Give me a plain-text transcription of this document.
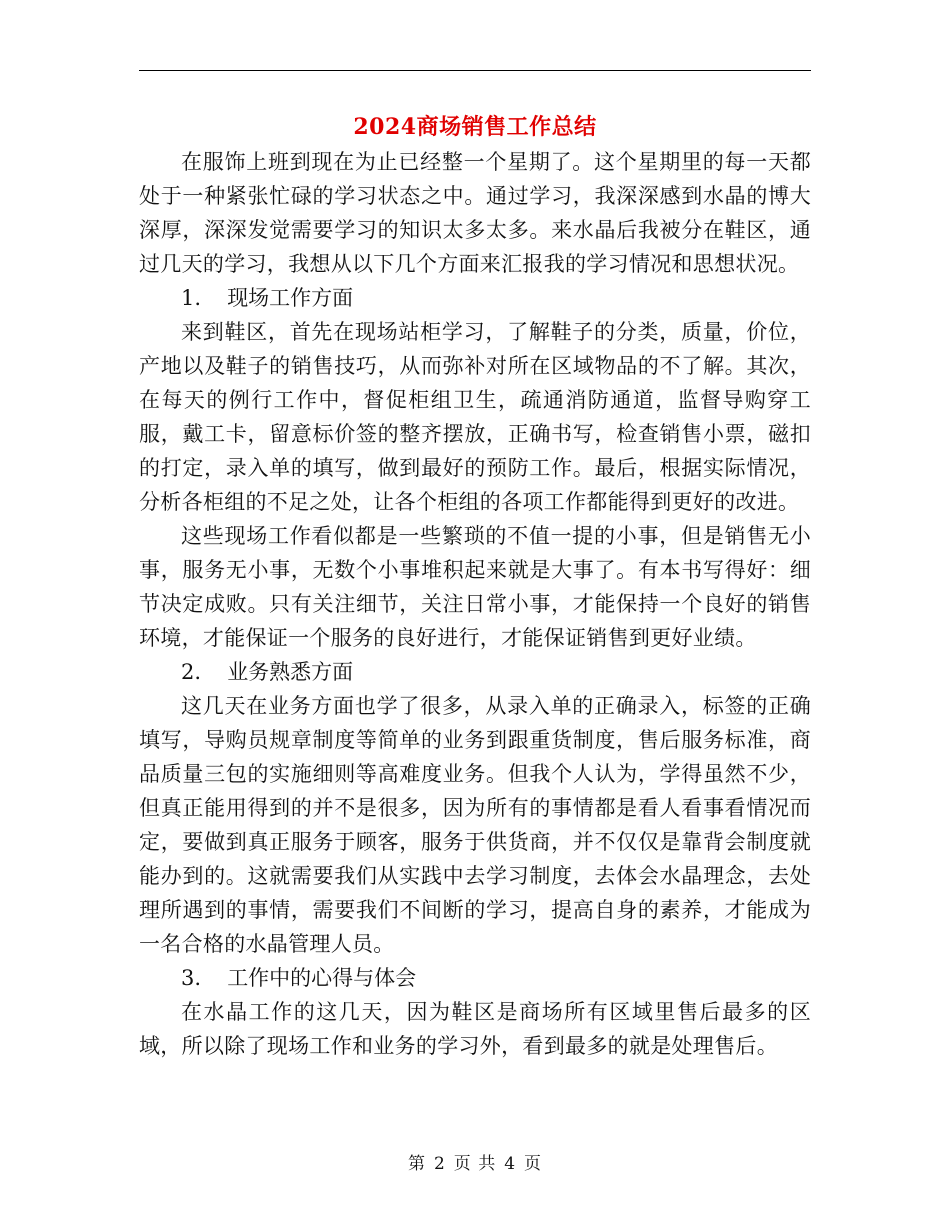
2024商场销售工作总结

在服饰上班到现在为止已经整一个星期了。这个星期里的每一天都处于一种紧张忙碌的学习状态之中。通过学习，我深深感到水晶的博大深厚，深深发觉需要学习的知识太多太多。来水晶后我被分在鞋区，通过几天的学习，我想从以下几个方面来汇报我的学习情况和思想状况。

1. 现场工作方面

来到鞋区，首先在现场站柜学习，了解鞋子的分类，质量，价位，产地以及鞋子的销售技巧，从而弥补对所在区域物品的不了解。其次，在每天的例行工作中，督促柜组卫生，疏通消防通道，监督导购穿工服，戴工卡，留意标价签的整齐摆放，正确书写，检查销售小票，磁扣的打定，录入单的填写，做到最好的预防工作。最后，根据实际情况，分析各柜组的不足之处，让各个柜组的各项工作都能得到更好的改进。

这些现场工作看似都是一些繁琐的不值一提的小事，但是销售无小事，服务无小事，无数个小事堆积起来就是大事了。有本书写得好：细节决定成败。只有关注细节，关注日常小事，才能保持一个良好的销售环境，才能保证一个服务的良好进行，才能保证销售到更好业绩。

2. 业务熟悉方面

这几天在业务方面也学了很多，从录入单的正确录入，标签的正确填写，导购员规章制度等简单的业务到跟重货制度，售后服务标准，商品质量三包的实施细则等高难度业务。但我个人认为，学得虽然不少，但真正能用得到的并不是很多，因为所有的事情都是看人看事看情况而定，要做到真正服务于顾客，服务于供货商，并不仅仅是靠背会制度就能办到的。这就需要我们从实践中去学习制度，去体会水晶理念，去处理所遇到的事情，需要我们不间断的学习，提高自身的素养，才能成为一名合格的水晶管理人员。

3. 工作中的心得与体会

在水晶工作的这几天，因为鞋区是商场所有区域里售后最多的区域，所以除了现场工作和业务的学习外，看到最多的就是处理售后。

第 2 页 共 4 页
